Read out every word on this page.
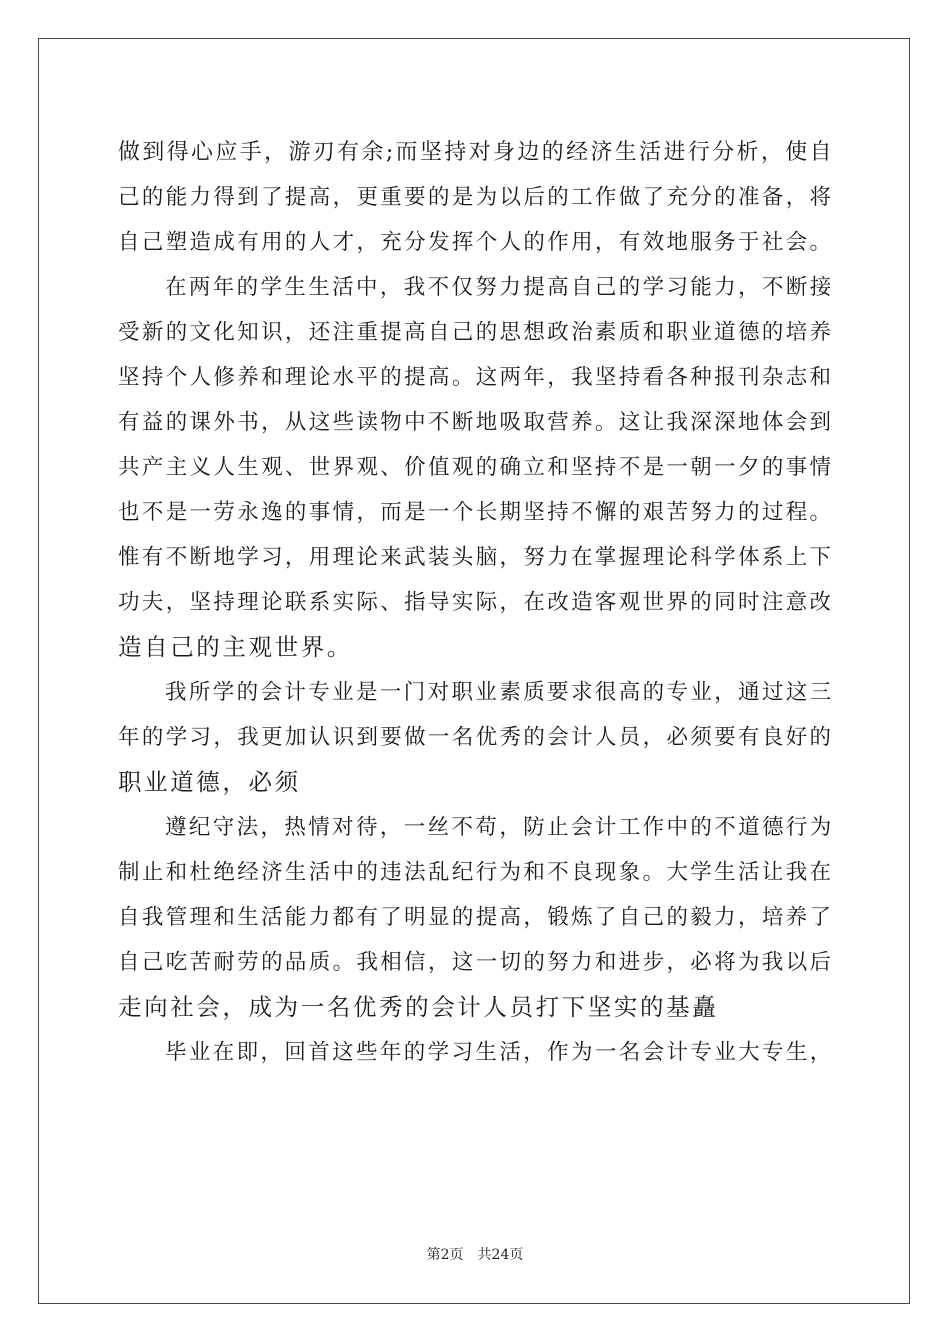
做到得心应手，游刃有余;而坚持对身边的经济生活进行分析，使自
己的能力得到了提高，更重要的是为以后的工作做了充分的准备，将
自己塑造成有用的人才，充分发挥个人的作用，有效地服务于社会。
在两年的学生生活中，我不仅努力提高自己的学习能力，不断接
受新的文化知识，还注重提高自己的思想政治素质和职业道德的培养
坚持个人修养和理论水平的提高。这两年，我坚持看各种报刊杂志和
有益的课外书，从这些读物中不断地吸取营养。这让我深深地体会到
共产主义人生观、世界观、价值观的确立和坚持不是一朝一夕的事情
也不是一劳永逸的事情，而是一个长期坚持不懈的艰苦努力的过程。
惟有不断地学习，用理论来武装头脑，努力在掌握理论科学体系上下
功夫，坚持理论联系实际、指导实际，在改造客观世界的同时注意改
造自己的主观世界。
我所学的会计专业是一门对职业素质要求很高的专业，通过这三
年的学习，我更加认识到要做一名优秀的会计人员，必须要有良好的
职业道德，必须
遵纪守法，热情对待，一丝不苟，防止会计工作中的不道德行为
制止和杜绝经济生活中的违法乱纪行为和不良现象。大学生活让我在
自我管理和生活能力都有了明显的提高，锻炼了自己的毅力，培养了
自己吃苦耐劳的品质。我相信，这一切的努力和进步，必将为我以后
走向社会，成为一名优秀的会计人员打下坚实的基矗
毕业在即，回首这些年的学习生活，作为一名会计专业大专生，
第2页 共24页
